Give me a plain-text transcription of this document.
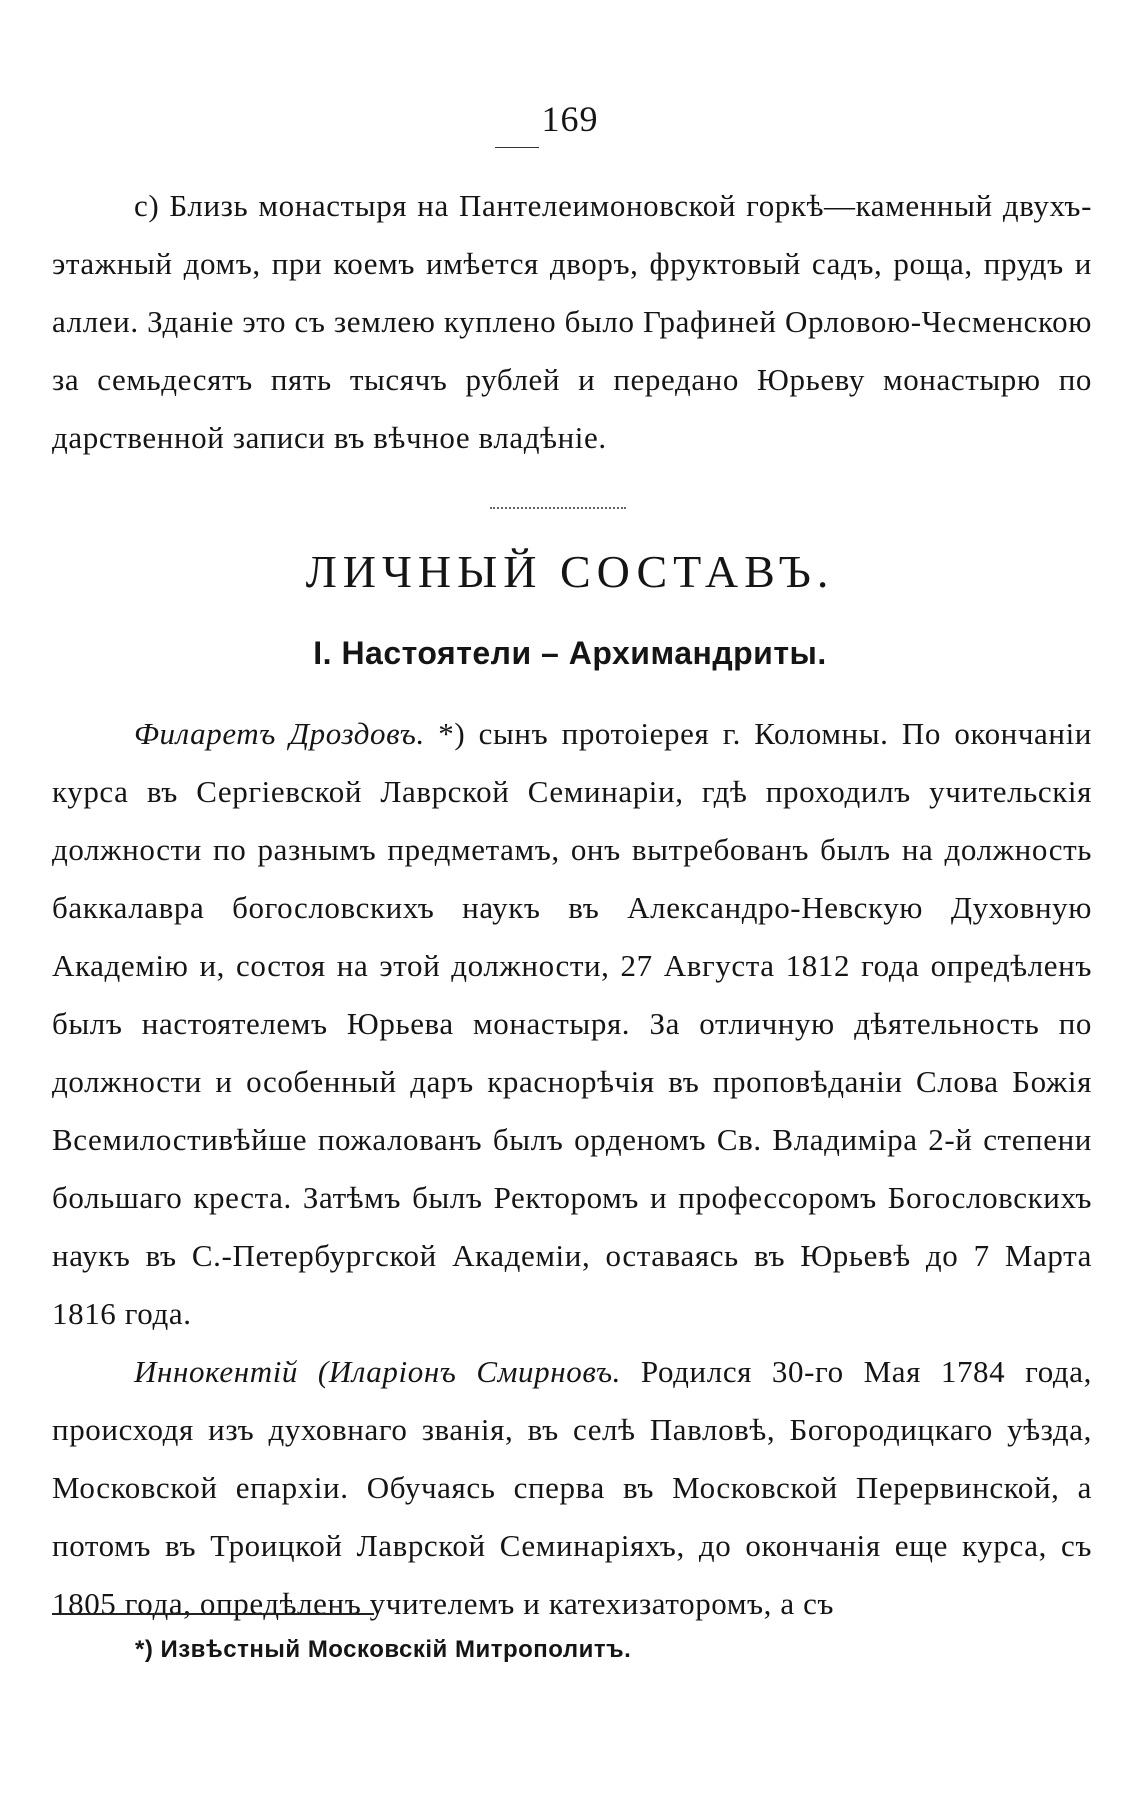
169

с) Близь монастыря на Пантелеимоновской горкѣ—каменный двухъ-этажный домъ, при коемъ имѣется дворъ, фруктовый садъ, роща, прудъ и аллеи. Зданіе это съ землею куплено было Графиней Орловою-Чесменскою за семьдесятъ пять тысячъ рублей и передано Юрьеву монастырю по дарственной записи въ вѣчное владѣніе.

ЛИЧНЫЙ СОСТАВЪ.
I. Настоятели – Архимандриты.

Филаретъ Дроздовъ. *) сынъ протоіерея г. Коломны. По окончаніи курса въ Сергіевской Лаврской Семинаріи, гдѣ проходилъ учительскія должности по разнымъ предметамъ, онъ вытребованъ былъ на должность баккалавра богословскихъ наукъ въ Александро-Невскую Духовную Академію и, состоя на этой должности, 27 Августа 1812 года опредѣленъ былъ настоятелемъ Юрьева монастыря. За отличную дѣятельность по должности и особенный даръ краснорѣчія въ проповѣданіи Слова Божія Всемилостивѣйше пожалованъ былъ орденомъ Св. Владиміра 2-й степени большаго креста. Затѣмъ былъ Ректоромъ и профессоромъ Богословскихъ наукъ въ С.-Петербургской Академіи, оставаясь въ Юрьевѣ до 7 Марта 1816 года.

Иннокентій (Иларіонъ Смирновъ. Родился 30-го Мая 1784 года, происходя изъ духовнаго званія, въ селѣ Павловѣ, Богородицкаго уѣзда, Московской епархіи. Обучаясь сперва въ Московской Перервинской, а потомъ въ Троицкой Лаврской Семинаріяхъ, до окончанія еще курса, съ 1805 года, опредѣленъ учителемъ и катехизаторомъ, а съ

*) Извѣстный Московскій Митрополитъ.
